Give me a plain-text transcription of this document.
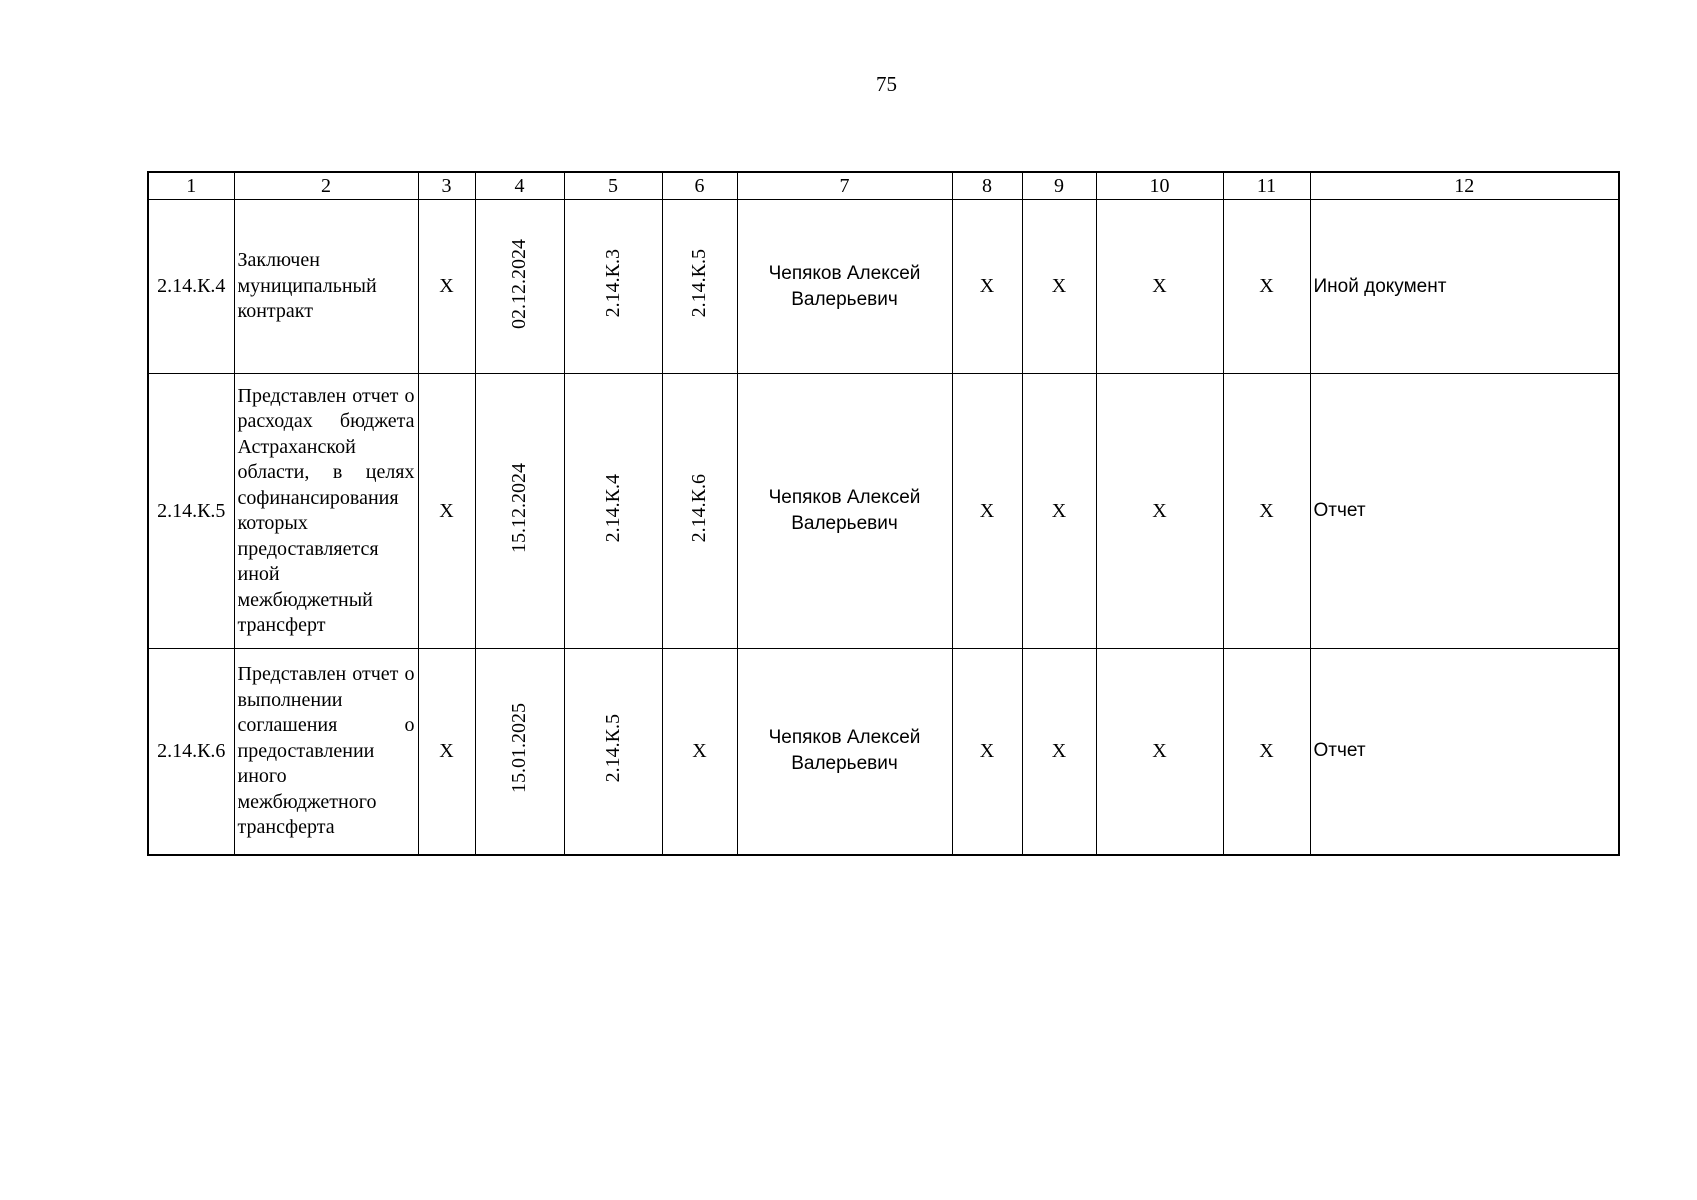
75
1	2	3	4	5	6	7	8	9	10	11	12
2.14.К.4	Заключен муниципальный контракт	X	02.12.2024	2.14.К.3	2.14.К.5	Чепяков Алексей Валерьевич	X	X	X	X	Иной документ
2.14.К.5	Представлен отчет о расходах бюджета Астраханской области, в целях софинансирования которых предоставляется иной межбюджетный трансферт	X	15.12.2024	2.14.К.4	2.14.К.6	Чепяков Алексей Валерьевич	X	X	X	X	Отчет
2.14.К.6	Представлен отчет о выполнении соглашения о предоставлении иного межбюджетного трансферта	X	15.01.2025	2.14.К.5	X	Чепяков Алексей Валерьевич	X	X	X	X	Отчет
